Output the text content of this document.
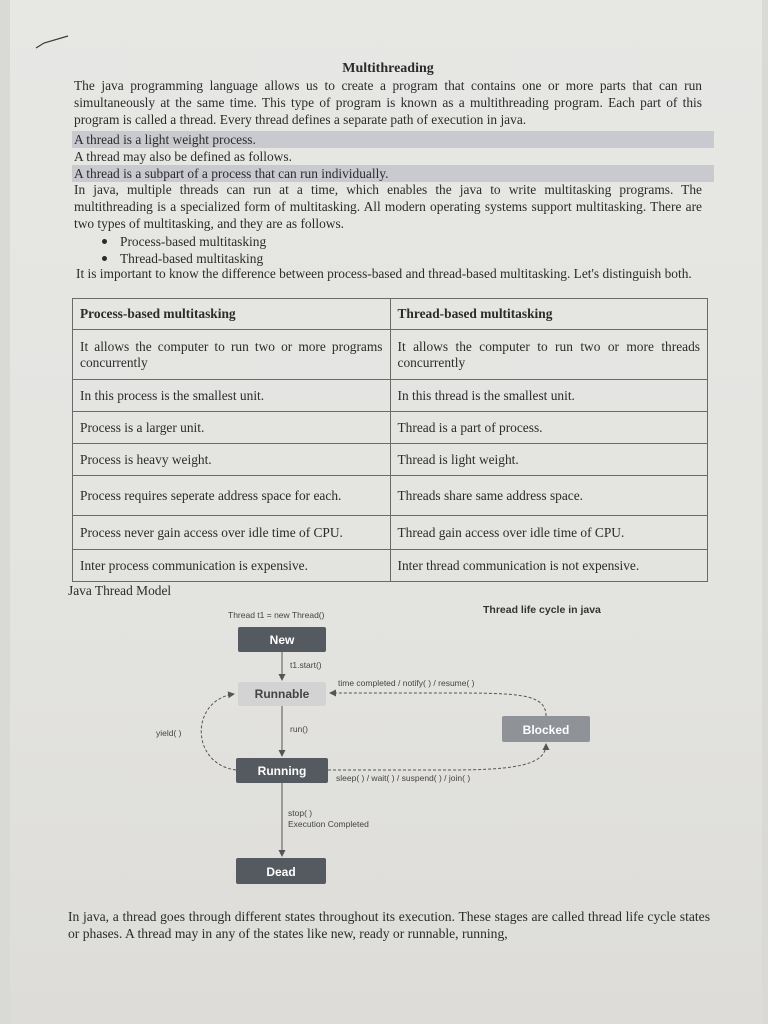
Multithreading
The java programming language allows us to create a program that contains one or more parts that can run simultaneously at the same time. This type of program is known as a multithreading program. Each part of this program is called a thread. Every thread defines a separate path of execution in java.
A thread is a light weight process.
A thread may also be defined as follows.
A thread is a subpart of a process that can run individually.
In java, multiple threads can run at a time, which enables the java to write multitasking programs. The multithreading is a specialized form of multitasking. All modern operating systems support multitasking. There are two types of multitasking, and they are as follows.
Process-based multitasking
Thread-based multitasking
It is important to know the difference between process-based and thread-based multitasking. Let's distinguish both.
Process-based multitasking	Thread-based multitasking
It allows the computer to run two or more programs concurrently	It allows the computer to run two or more threads concurrently
In this process is the smallest unit.	In this thread is the smallest unit.
Process is a larger unit.	Thread is a part of process.
Process is heavy weight.	Thread is light weight.
Process requires seperate address space for each.	Threads share same address space.
Process never gain access over idle time of CPU.	Thread gain access over idle time of CPU.
Inter process communication is expensive.	Inter thread communication is not expensive.
Java Thread Model
Thread t1 = new Thread()	Thread life cycle in java
New
t1.start()
Runnable
run()
Running
yield( )	Blocked
time completed / notify( ) / resume( )
sleep( ) / wait( ) / suspend( ) / join( )
stop( )
Execution Completed
Dead
In java, a thread goes through different states throughout its execution. These stages are called thread life cycle states or phases. A thread may in any of the states like new, ready or runnable, running,
